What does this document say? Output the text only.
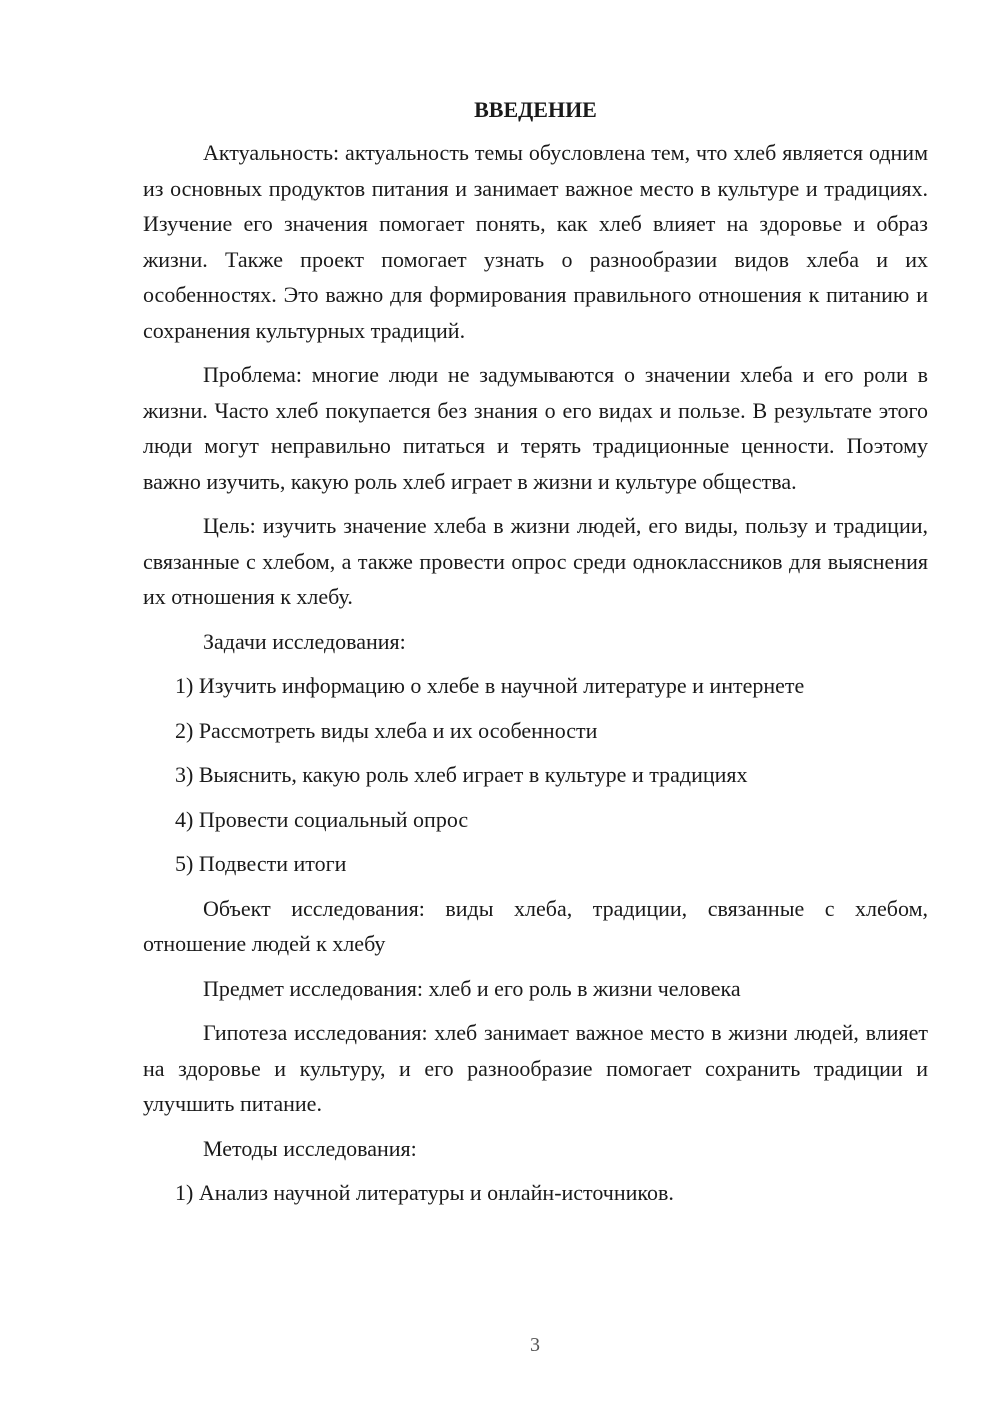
ВВЕДЕНИЕ

Актуальность: актуальность темы обусловлена тем, что хлеб является одним из основных продуктов питания и занимает важное место в культуре и традициях. Изучение его значения помогает понять, как хлеб влияет на здоровье и образ жизни. Также проект помогает узнать о разнообразии видов хлеба и их особенностях. Это важно для формирования правильного отношения к питанию и сохранения культурных традиций.

Проблема: многие люди не задумываются о значении хлеба и его роли в жизни. Часто хлеб покупается без знания о его видах и пользе. В результате этого люди могут неправильно питаться и терять традиционные ценности. Поэтому важно изучить, какую роль хлеб играет в жизни и культуре общества.

Цель: изучить значение хлеба в жизни людей, его виды, пользу и традиции, связанные с хлебом, а также провести опрос среди одноклассников для выяснения их отношения к хлебу.

Задачи исследования:

1) Изучить информацию о хлебе в научной литературе и интернете
2) Рассмотреть виды хлеба и их особенности
3) Выяснить, какую роль хлеб играет в культуре и традициях
4) Провести социальный опрос
5) Подвести итоги

Объект исследования: виды хлеба, традиции, связанные с хлебом, отношение людей к хлебу

Предмет исследования: хлеб и его роль в жизни человека

Гипотеза исследования: хлеб занимает важное место в жизни людей, влияет на здоровье и культуру, и его разнообразие помогает сохранить традиции и улучшить питание.

Методы исследования:

1) Анализ научной литературы и онлайн-источников.
3
